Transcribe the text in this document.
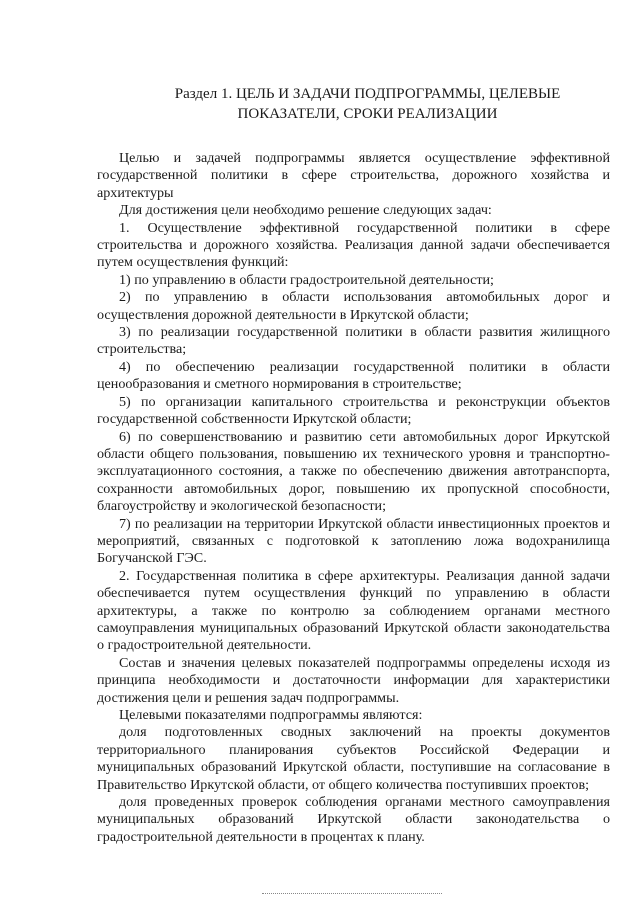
Раздел 1. ЦЕЛЬ И ЗАДАЧИ ПОДПРОГРАММЫ, ЦЕЛЕВЫЕ
ПОКАЗАТЕЛИ, СРОКИ РЕАЛИЗАЦИИ

Целью и задачей подпрограммы является осуществление эффективной государственной политики в сфере строительства, дорожного хозяйства и архитектуры

Для достижения цели необходимо решение следующих задач:

1. Осуществление эффективной государственной политики в сфере строительства и дорожного хозяйства. Реализация данной задачи обеспечивается путем осуществления функций:

1) по управлению в области градостроительной деятельности;

2) по управлению в области использования автомобильных дорог и осуществления дорожной деятельности в Иркутской области;

3) по реализации государственной политики в области развития жилищного строительства;

4) по обеспечению реализации государственной политики в области ценообразования и сметного нормирования в строительстве;

5) по организации капитального строительства и реконструкции объектов государственной собственности Иркутской области;

6) по совершенствованию и развитию сети автомобильных дорог Иркутской области общего пользования, повышению их технического уровня и транспортно-эксплуатационного состояния, а также по обеспечению движения автотранспорта, сохранности автомобильных дорог, повышению их пропускной способности, благоустройству и экологической безопасности;

7) по реализации на территории Иркутской области инвестиционных проектов и мероприятий, связанных с подготовкой к затоплению ложа водохранилища Богучанской ГЭС.

2. Государственная политика в сфере архитектуры. Реализация данной задачи обеспечивается путем осуществления функций по управлению в области архитектуры, а также по контролю за соблюдением органами местного самоуправления муниципальных образований Иркутской области законодательства о градостроительной деятельности.

Состав и значения целевых показателей подпрограммы определены исходя из принципа необходимости и достаточности информации для характеристики достижения цели и решения задач подпрограммы.

Целевыми показателями подпрограммы являются:

доля подготовленных сводных заключений на проекты документов территориального планирования субъектов Российской Федерации и муниципальных образований Иркутской области, поступившие на согласование в Правительство Иркутской области, от общего количества поступивших проектов;

доля проведенных проверок соблюдения органами местного самоуправления муниципальных образований Иркутской области законодательства о градостроительной деятельности в процентах к плану.
